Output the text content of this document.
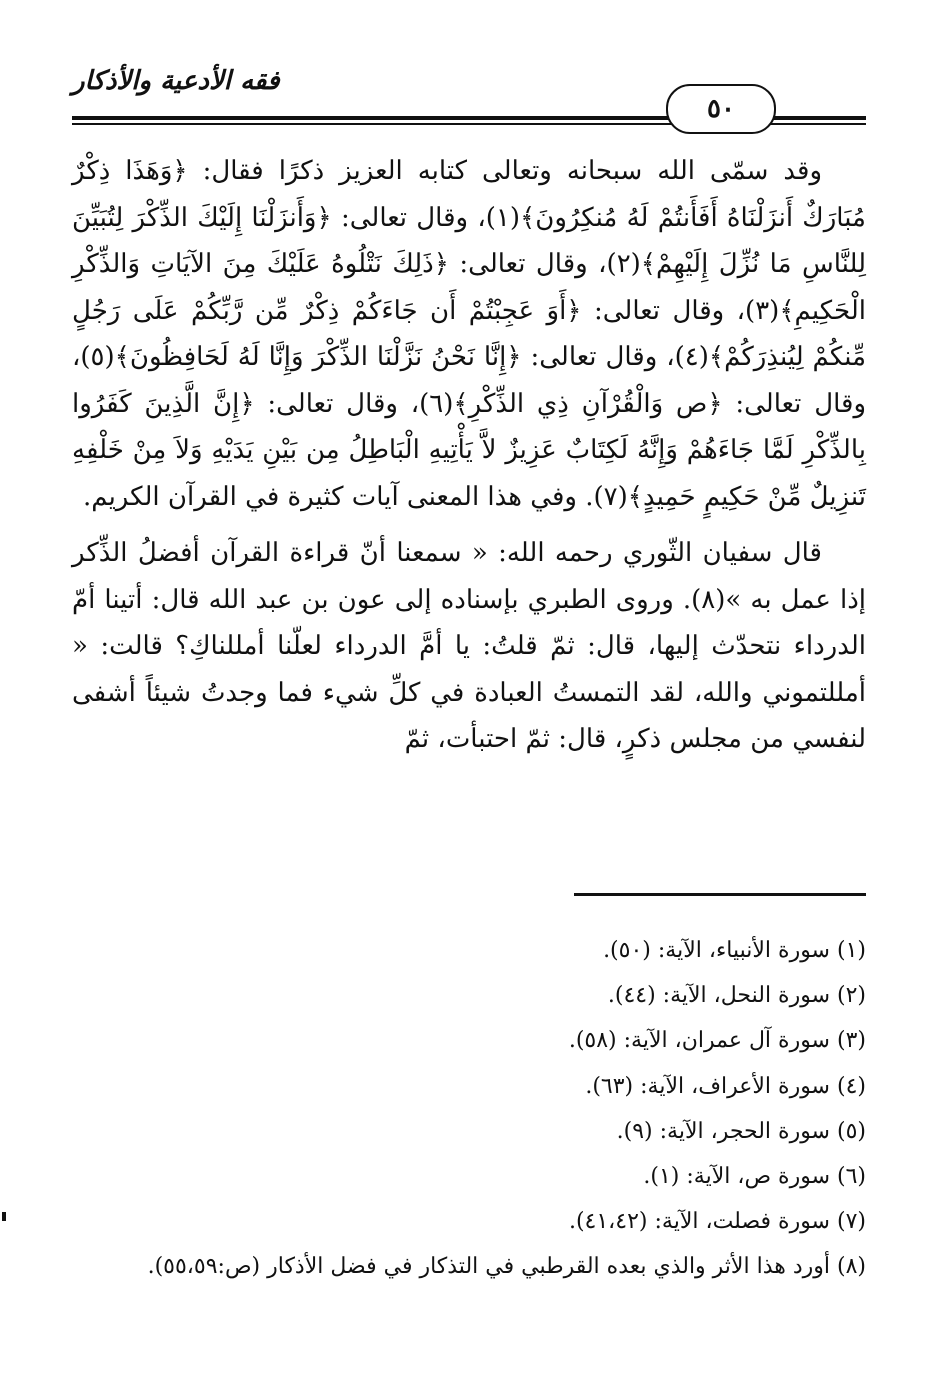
فقه الأدعية والأذكار
٥٠

وقد سمّى الله سبحانه وتعالى كتابه العزيز ذكرًا فقال: ﴿وَهَذَا ذِكْرٌ مُبَارَكٌ أَنزَلْنَاهُ أَفَأَنتُمْ لَهُ مُنكِرُونَ﴾(١)، وقال تعالى: ﴿وَأَنزَلْنَا إِلَيْكَ الذِّكْرَ لِتُبَيِّنَ لِلنَّاسِ مَا نُزِّلَ إِلَيْهِمْ﴾(٢)، وقال تعالى: ﴿ذَلِكَ نَتْلُوهُ عَلَيْكَ مِنَ الآيَاتِ وَالذِّكْرِ الْحَكِيمِ﴾(٣)، وقال تعالى: ﴿أَوَ عَجِبْتُمْ أَن جَاءَكُمْ ذِكْرٌ مِّن رَّبِّكُمْ عَلَى رَجُلٍ مِّنكُمْ لِيُنذِرَكُمْ﴾(٤)، وقال تعالى: ﴿إِنَّا نَحْنُ نَزَّلْنَا الذِّكْرَ وَإِنَّا لَهُ لَحَافِظُونَ﴾(٥)، وقال تعالى: ﴿ص وَالْقُرْآنِ ذِي الذِّكْرِ﴾(٦)، وقال تعالى: ﴿إِنَّ الَّذِينَ كَفَرُوا بِالذِّكْرِ لَمَّا جَاءَهُمْ وَإِنَّهُ لَكِتَابٌ عَزِيزٌ لاَّ يَأْتِيهِ الْبَاطِلُ مِن بَيْنِ يَدَيْهِ وَلاَ مِنْ خَلْفِهِ تَنزِيلٌ مِّنْ حَكِيمٍ حَمِيدٍ﴾(٧). وفي هذا المعنى آيات كثيرة في القرآن الكريم.

قال سفيان الثّوري رحمه الله: « سمعنا أنّ قراءة القرآن أفضلُ الذِّكر إذا عمل به »(٨). وروى الطبري بإسناده إلى عون بن عبد الله قال: أتينا أمّ الدرداء نتحدّث إليها، قال: ثمّ قلتُ: يا أمَّ الدرداء لعلّنا أمللناكِ؟ قالت: « أمللتموني والله، لقد التمستُ العبادة في كلِّ شيء فما وجدتُ شيئاً أشفى لنفسي من مجلس ذكرٍ، قال: ثمّ احتبأت، ثمّ

(١) سورة الأنبياء، الآية: (٥٠).
(٢) سورة النحل، الآية: (٤٤).
(٣) سورة آل عمران، الآية: (٥٨).
(٤) سورة الأعراف، الآية: (٦٣).
(٥) سورة الحجر، الآية: (٩).
(٦) سورة ص، الآية: (١).
(٧) سورة فصلت، الآية: (٤١،٤٢).
(٨) أورد هذا الأثر والذي بعده القرطبي في التذكار في فضل الأذكار (ص:٥٥،٥٩).
